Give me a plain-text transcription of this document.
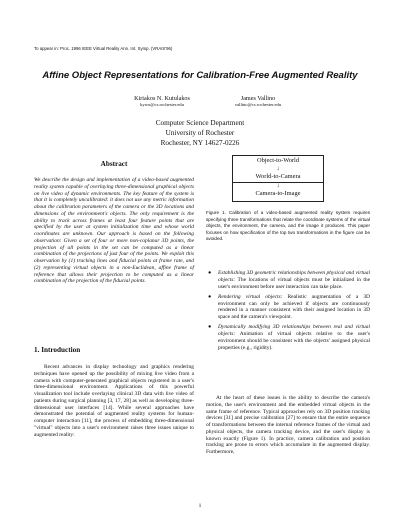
To appear in: Proc. 1996 IEEE Virtual Reality Ann. Int. Symp. (VRAIS'96)
Affine Object Representations for Calibration-Free Augmented Reality
Kiriakos N. Kutulakos
kyros@cs.rochester.edu
James Vallino
vallino@cs.rochester.edu
Computer Science Department
University of Rochester
Rochester, NY 14627-0226
Abstract

We describe the design and implementation of a video-based augmented reality system capable of overlaying three-dimensional graphical objects on live video of dynamic environments. The key feature of the system is that it is completely uncalibrated: it does not use any metric information about the calibration parameters of the camera or the 3D locations and dimensions of the environment's objects. The only requirement is the ability to track across frames at least four feature points that are specified by the user at system initialization time and whose world coordinates are unknown. Our approach is based on the following observation: Given a set of four or more non-coplanar 3D points, the projection of all points in the set can be computed as a linear combination of the projections of just four of the points. We exploit this observation by (1) tracking lines and fiducial points at frame rate, and (2) representing virtual objects in a non-Euclidean, affine frame of reference that allows their projection to be computed as a linear combination of the projection of the fiducial points.

1. Introduction
Recent advances in display technology and graphics rendering techniques have opened up the possibility of mixing live video from a camera with computer-generated graphical objects registered in a user's three-dimensional environment. Applications of this powerful visualization tool include overlaying clinical 3D data with live video of patients during surgical planning [3, 17, 28] as well as developing three-dimensional user interfaces [14]. While several approaches have demonstrated the potential of augmented reality systems for human-computer interaction [11], the process of embedding three-dimensional "virtual" objects into a user's environment raises three issues unique to augmented reality:
Object-to-World
↓
World-to-Camera
↓
Camera-to-Image
Figure 1. Calibration of a video-based augmented reality system requires specifying three transformations that relate the coordinate systems of the virtual objects, the environment, the camera, and the image it produces. This paper focuses on how specification of the top two transformations in the figure can be avoided.
● Establishing 3D geometric relationships between physical and virtual objects: The locations of virtual objects must be initialized in the user's environment before user interaction can take place.
● Rendering virtual objects: Realistic augmentation of a 3D environment can only be achieved if objects are continuously rendered in a manner consistent with their assigned location in 3D space and the camera's viewpoint.
● Dynamically modifying 3D relationships between real and virtual objects: Animation of virtual objects relative to the user's environment should be consistent with the objects' assigned physical properties (e.g., rigidity).
At the heart of these issues is the ability to describe the camera's motion, the user's environment and the embedded virtual objects in the same frame of reference. Typical approaches rely on 3D position tracking devices [31] and precise calibration [27] to ensure that the entire sequence of transformations between the internal reference frames of the virtual and physical objects, the camera tracking device, and the user's display is known exactly (Figure 1). In practice, camera calibration and position tracking are prone to errors which accumulate in the augmented display. Furthermore,
1
